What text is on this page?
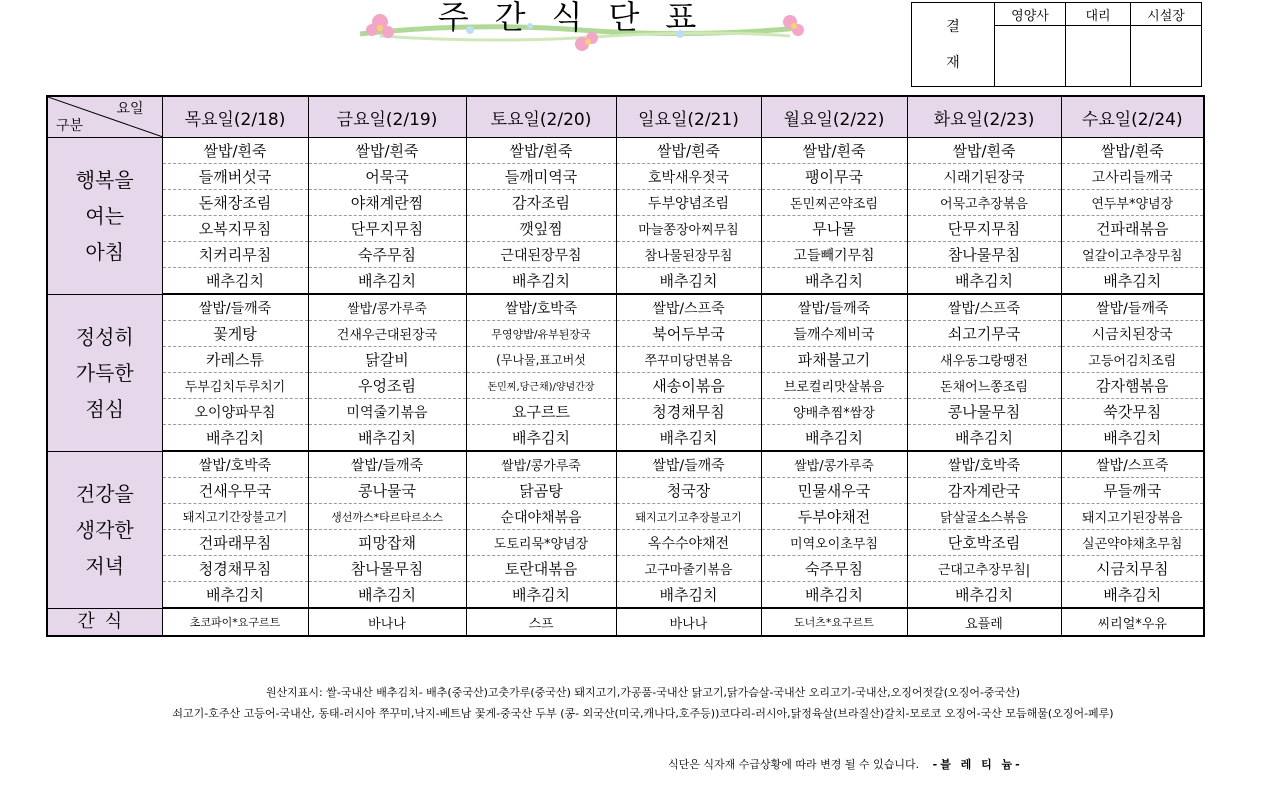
주간식단표	결
재	영양사	대리	시설장

요일
구분	목요일(2/18)	금요일(2/19)	토요일(2/20)	일요일(2/21)	월요일(2/22)	화요일(2/23)	수요일(2/24)

행복을
여는
아침	쌀밥/흰죽	쌀밥/흰죽	쌀밥/흰죽	쌀밥/흰죽	쌀밥/흰죽	쌀밥/흰죽	쌀밥/흰죽
	들깨버섯국	어묵국	들깨미역국	호박새우젓국	팽이무국	시래기된장국	고사리들깨국
	돈채장조림	야채계란찜	감자조림	두부양념조림	돈민찌곤약조림	어묵고추장볶음	연두부*양념장
	오복지무침	단무지무침	깻잎찜	마늘쫑장아찌무침	무나물	단무지무침	건파래볶음
	치커리무침	숙주무침	근대된장무침	참나물된장무침	고들빼기무침	참나물무침	얼갈이고추장무침
	배추김치	배추김치	배추김치	배추김치	배추김치	배추김치	배추김치

정성히
가득한
점심	쌀밥/들깨죽	쌀밥/콩가루죽	쌀밥/호박죽	쌀밥/스프죽	쌀밥/들깨죽	쌀밥/스프죽	쌀밥/들깨죽
	꽃게탕	건새우근대된장국	무영양밥/유부된장국	북어두부국	들깨수제비국	쇠고기무국	시금치된장국
	카레스튜	닭갈비	(무나물,표고버섯	쭈꾸미당면볶음	파채불고기	새우동그랑땡전	고등어김치조림
	두부김치두루치기	우엉조림	돈민찌,당근채)/양념간장	새송이볶음	브로컬리맛살볶음	돈채어느쫑조림	감자햄볶음
	오이양파무침	미역줄기볶음	요구르트	청경채무침	양배추찜*쌈장	콩나물무침	쑥갓무침
	배추김치	배추김치	배추김치	배추김치	배추김치	배추김치	배추김치

건강을
생각한
저녁	쌀밥/호박죽	쌀밥/들깨죽	쌀밥/콩가루죽	쌀밥/들깨죽	쌀밥/콩가루죽	쌀밥/호박죽	쌀밥/스프죽
	건새우무국	콩나물국	닭곰탕	청국장	민물새우국	감자계란국	무들깨국
	돼지고기간장불고기	생선까스*타르타르소스	순대야채볶음	돼지고기고추장불고기	두부야채전	닭살굴소스볶음	돼지고기된장볶음
	건파래무침	피망잡채	도토리묵*양념장	옥수수야채전	미역오이초무침	단호박조림	실곤약야채초무침
	청경채무침	참나물무침	토란대볶음	고구마줄기볶음	숙주무침	근대고추장무침|	시금치무침
	배추김치	배추김치	배추김치	배추김치	배추김치	배추김치	배추김치
간식	초코파이*요구르트	바나나	스프	바나나	도너츠*요구르트	요플레	씨리얼*우유
원산지표시: 쌀-국내산 배추김치- 배추(중국산)고춧가루(중국산) 돼지고기,가공품-국내산 닭고기,닭가슴살-국내산 오리고기-국내산,오징어젓갈(오징어-중국산)
쇠고기-호주산 고등어-국내산, 동태-러시아 쭈꾸미,낙지-베트남 꽃게-중국산 두부 (콩- 외국산(미국,캐나다,호주등))코다리-러시아,닭정육살(브라질산)갈치-모로코 오징어-국산 모듬해물(오징어-페루)
식단은 식자재 수급상황에 따라 변경 될 수 있습니다. -블 레 티 늄-
